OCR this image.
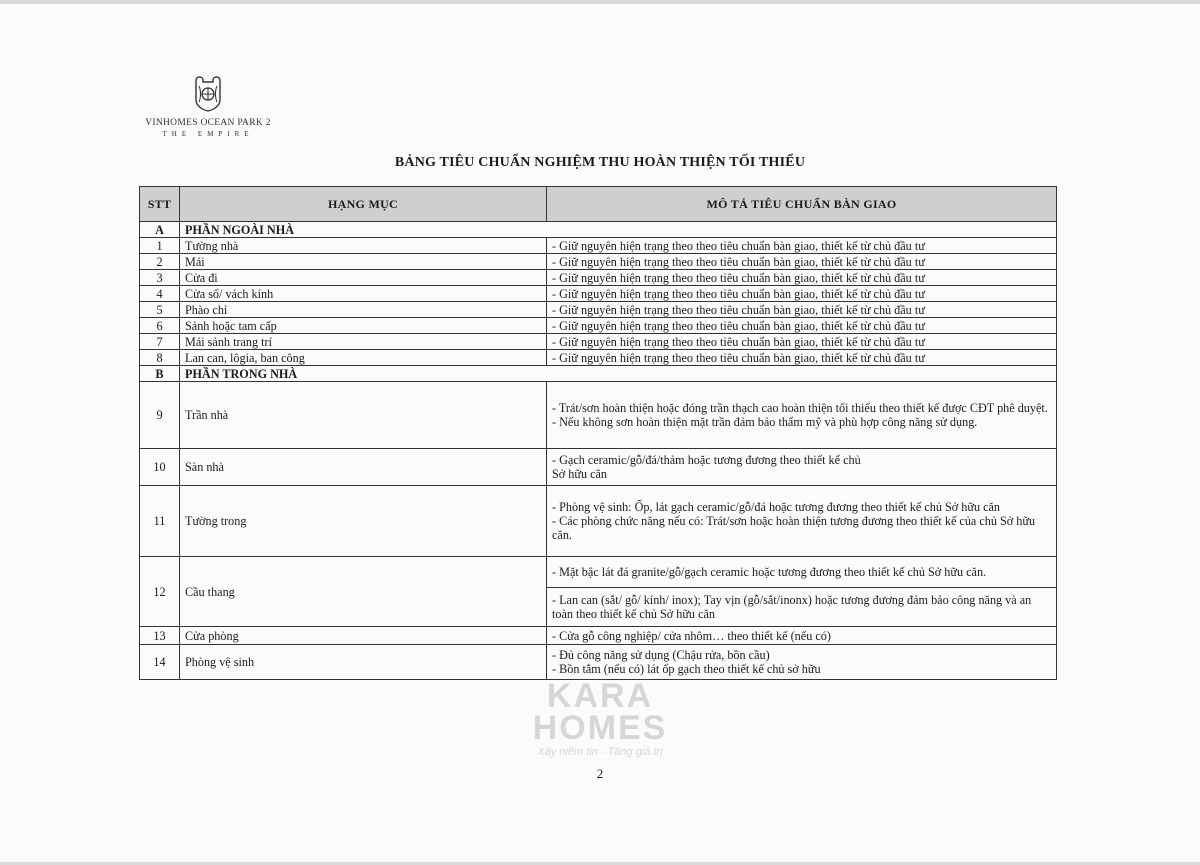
VINHOMES OCEAN PARK 2
THE EMPIRE
BẢNG TIÊU CHUẨN NGHIỆM THU HOÀN THIỆN TỐI THIỂU
STT	HẠNG MỤC	MÔ TẢ TIÊU CHUẨN BÀN GIAO
A	PHẦN NGOÀI NHÀ	
1	Tường nhà	- Giữ nguyên hiện trạng theo theo tiêu chuẩn bàn giao, thiết kế từ chủ đầu tư
2	Mái	- Giữ nguyên hiện trạng theo theo tiêu chuẩn bàn giao, thiết kế từ chủ đầu tư
3	Cửa đi	- Giữ nguyên hiện trạng theo theo tiêu chuẩn bàn giao, thiết kế từ chủ đầu tư
4	Cửa sổ/ vách kính	- Giữ nguyên hiện trạng theo theo tiêu chuẩn bàn giao, thiết kế từ chủ đầu tư
5	Phào chỉ	- Giữ nguyên hiện trạng theo theo tiêu chuẩn bàn giao, thiết kế từ chủ đầu tư
6	Sảnh hoặc tam cấp	- Giữ nguyên hiện trạng theo theo tiêu chuẩn bàn giao, thiết kế từ chủ đầu tư
7	Mái sảnh trang trí	- Giữ nguyên hiện trạng theo theo tiêu chuẩn bàn giao, thiết kế từ chủ đầu tư
8	Lan can, lôgia, ban công	- Giữ nguyên hiện trạng theo theo tiêu chuẩn bàn giao, thiết kế từ chủ đầu tư
B	PHẦN TRONG NHÀ	
9	Trần nhà	- Trát/sơn hoàn thiện hoặc đóng trần thạch cao hoàn thiện tối thiểu theo thiết kế được CĐT phê duyệt.
- Nếu không sơn hoàn thiện mặt trần đảm bảo thẩm mỹ và phù hợp công năng sử dụng.

10	Sàn nhà	- Gạch ceramic/gỗ/đá/thảm hoặc tương đương theo thiết kế chủ
Sở hữu căn

11	Tường trong	- Phòng vệ sinh: Ốp, lát gạch ceramic/gỗ/đá hoặc tương đương theo thiết kế chủ Sở hữu căn
- Các phòng chức năng nếu có: Trát/sơn hoặc hoàn thiện tương đương theo thiết kế của chủ Sở hữu căn.

12	Cầu thang	- Mặt bậc lát đá granite/gỗ/gạch ceramic hoặc tương đương theo thiết kế chủ Sở hữu căn.
		- Lan can (sắt/ gỗ/ kính/ inox); Tay vịn (gỗ/sắt/inonx) hoặc tương đương đảm bảo công năng và an toàn theo thiết kế chủ Sở hữu căn
13	Cửa phòng	- Cửa gỗ công nghiệp/ cửa nhôm… theo thiết kế (nếu có)
14	Phòng vệ sinh	- Đủ công năng sử dụng (Chậu rửa, bồn cầu)
- Bồn tắm (nếu có) lát ốp gạch theo thiết kế chủ sở hữu
KARA HOMES
Xây niềm tin - Tăng giá trị
2
